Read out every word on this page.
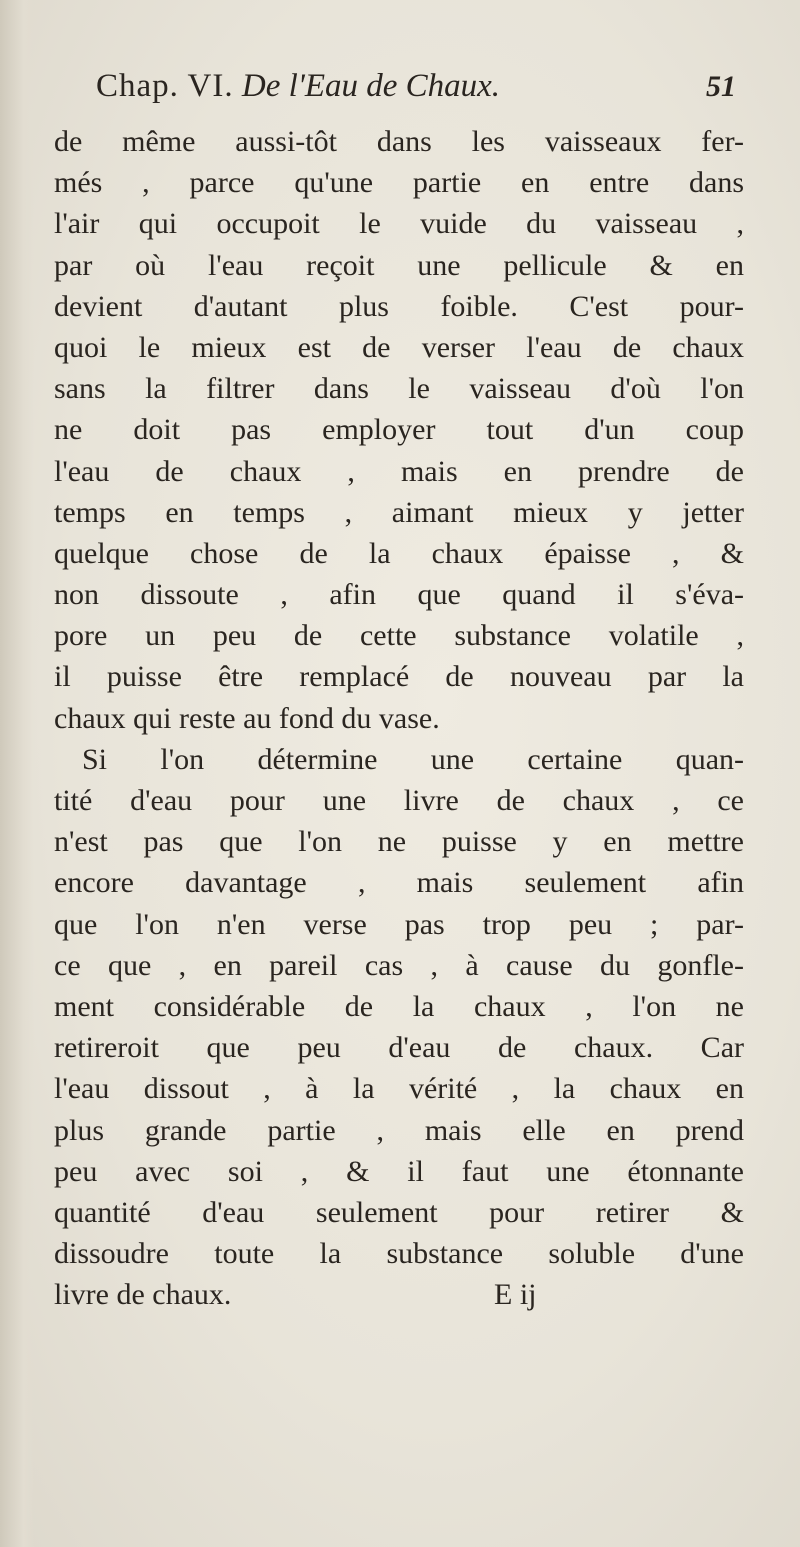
Chap. VI. De l'Eau de Chaux.	51
de même aussi-tôt dans les vaisseaux fer-
més , parce qu'une partie en entre dans
l'air qui occupoit le vuide du vaisseau ,
par où l'eau reçoit une pellicule & en
devient d'autant plus foible. C'est pour-
quoi le mieux est de verser l'eau de chaux
sans la filtrer dans le vaisseau d'où l'on
ne doit pas employer tout d'un coup
l'eau de chaux , mais en prendre de
temps en temps , aimant mieux y jetter
quelque chose de la chaux épaisse , &
non dissoute , afin que quand il s'éva-
pore un peu de cette substance volatile ,
il puisse être remplacé de nouveau par la
chaux qui reste au fond du vase.
Si l'on détermine une certaine quan-
tité d'eau pour une livre de chaux , ce
n'est pas que l'on ne puisse y en mettre
encore davantage , mais seulement afin
que l'on n'en verse pas trop peu ; par-
ce que , en pareil cas , à cause du gonfle-
ment considérable de la chaux , l'on ne
retireroit que peu d'eau de chaux. Car
l'eau dissout , à la vérité , la chaux en
plus grande partie , mais elle en prend
peu avec soi , & il faut une étonnante
quantité d'eau seulement pour retirer &
dissoudre toute la substance soluble d'une
livre de chaux.	E ij
